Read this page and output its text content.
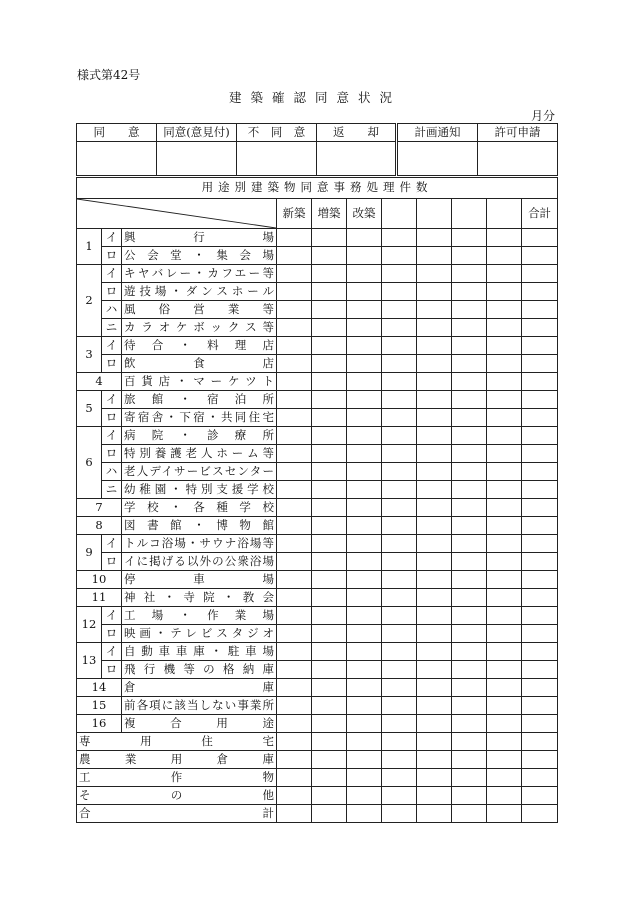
様式第42号
建築確認同意状況
月分
同　　意	同意(意見付)	不　同　意	返　　却	計画通知	許可申請

用途別建築物同意事務処理件数										

	新築	増築	改築					合計
1	イ	興行場								
	ロ	公会堂・集会場								
2	イ	キヤバレー・カフエー等								
	ロ	遊技場・ダンスホール								
	ハ	風俗営業等								
	ニ	カラオケボックス等								
3	イ	待合・料理店								
	ロ	飲食店								
4		百貨店・マーケツト								
5	イ	旅館・宿泊所								
	ロ	寄宿舎・下宿・共同住宅								
6	イ	病院・診療所								
	ロ	特別養護老人ホーム等								
	ハ	老人デイサービスセンター								
	ニ	幼稚園・特別支援学校								
7		学校・各種学校								
8		図書館・博物館								
9	イ	トルコ浴場・サウナ浴場等								
	ロ	イに掲げる以外の公衆浴場								
10		停車場								
11		神社・寺院・教会								
12	イ	工場・作業場								
	ロ	映画・テレビスタジオ								
13	イ	自動車車庫・駐車場								
	ロ	飛行機等の格納庫								
14		倉庫								
15		前各項に該当しない事業所								
16		複合用途								
専用住宅										
農業用倉庫										
工作物										
その他										
合計										
